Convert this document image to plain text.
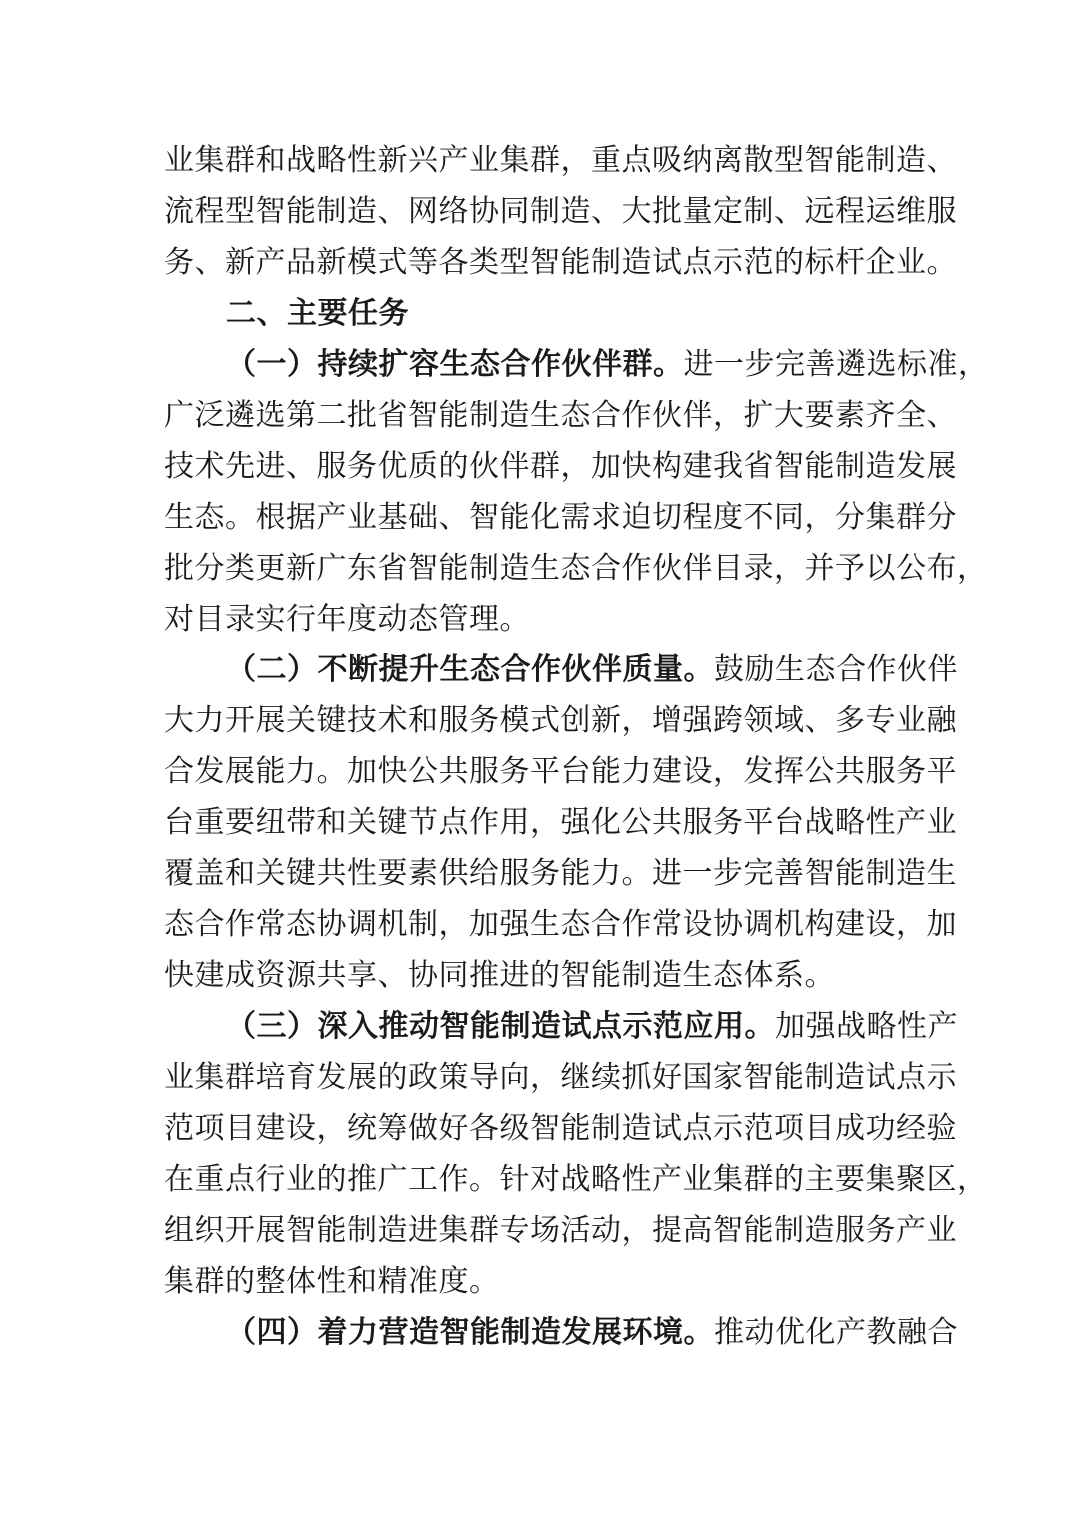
业集群和战略性新兴产业集群，重点吸纳离散型智能制造、
流程型智能制造、网络协同制造、大批量定制、远程运维服
务、新产品新模式等各类型智能制造试点示范的标杆企业。
二、主要任务
（一）持续扩容生态合作伙伴群。进一步完善遴选标准，
广泛遴选第二批省智能制造生态合作伙伴，扩大要素齐全、
技术先进、服务优质的伙伴群，加快构建我省智能制造发展
生态。根据产业基础、智能化需求迫切程度不同，分集群分
批分类更新广东省智能制造生态合作伙伴目录，并予以公布，
对目录实行年度动态管理。
（二）不断提升生态合作伙伴质量。鼓励生态合作伙伴
大力开展关键技术和服务模式创新，增强跨领域、多专业融
合发展能力。加快公共服务平台能力建设，发挥公共服务平
台重要纽带和关键节点作用，强化公共服务平台战略性产业
覆盖和关键共性要素供给服务能力。进一步完善智能制造生
态合作常态协调机制，加强生态合作常设协调机构建设，加
快建成资源共享、协同推进的智能制造生态体系。
（三）深入推动智能制造试点示范应用。加强战略性产
业集群培育发展的政策导向，继续抓好国家智能制造试点示
范项目建设，统筹做好各级智能制造试点示范项目成功经验
在重点行业的推广工作。针对战略性产业集群的主要集聚区，
组织开展智能制造进集群专场活动，提高智能制造服务产业
集群的整体性和精准度。
（四）着力营造智能制造发展环境。推动优化产教融合
